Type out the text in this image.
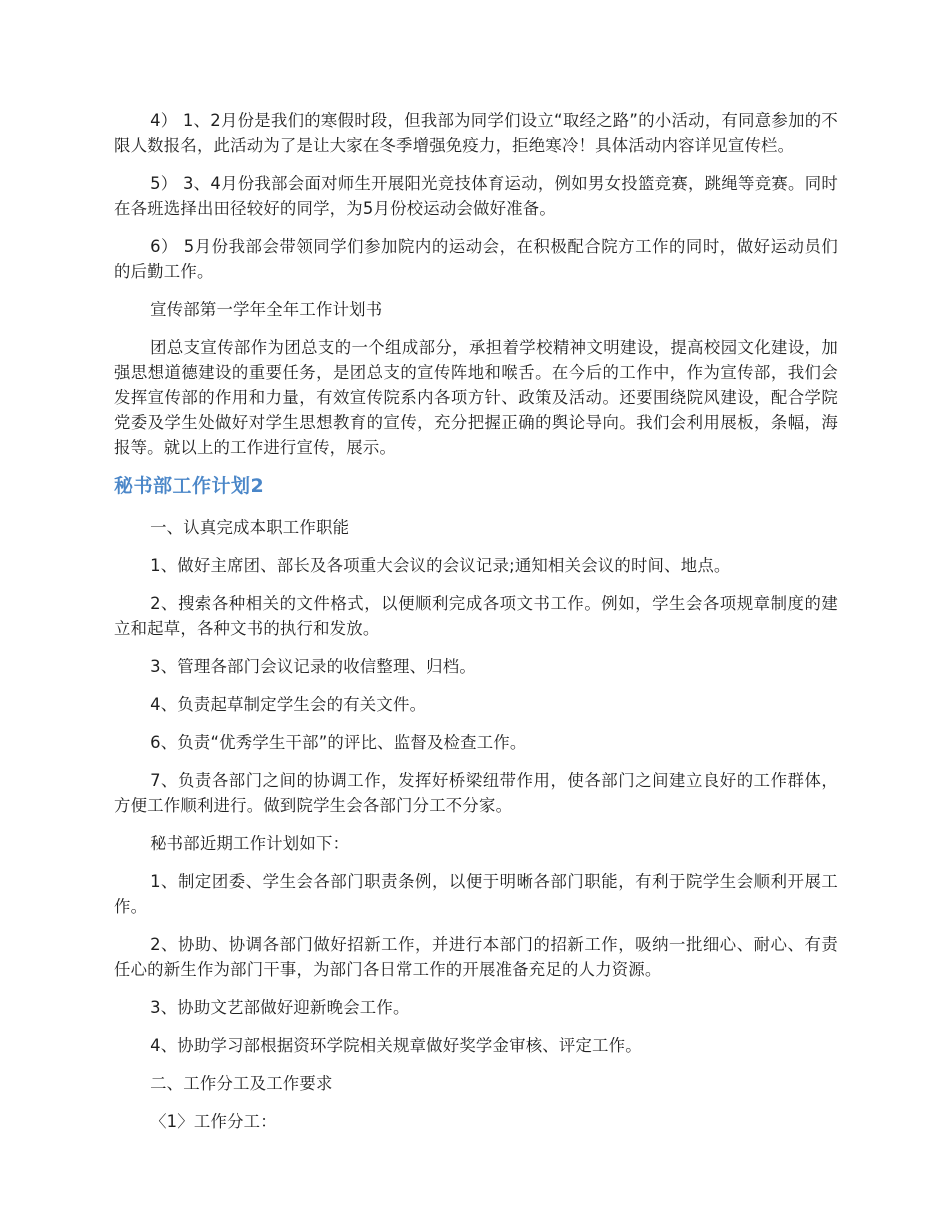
4） 1、2月份是我们的寒假时段，但我部为同学们设立“取经之路”的小活动，有同意参加的不限人数报名，此活动为了是让大家在冬季增强免疫力，拒绝寒冷！具体活动内容详见宣传栏。

5） 3、4月份我部会面对师生开展阳光竞技体育运动，例如男女投篮竞赛，跳绳等竞赛。同时在各班选择出田径较好的同学，为5月份校运动会做好准备。

6） 5月份我部会带领同学们参加院内的运动会，在积极配合院方工作的同时，做好运动员们的后勤工作。

宣传部第一学年全年工作计划书

团总支宣传部作为团总支的一个组成部分，承担着学校精神文明建设，提高校园文化建设，加强思想道德建设的重要任务，是团总支的宣传阵地和喉舌。在今后的工作中，作为宣传部，我们会发挥宣传部的作用和力量，有效宣传院系内各项方针、政策及活动。还要围绕院风建设，配合学院党委及学生处做好对学生思想教育的宣传，充分把握正确的舆论导向。我们会利用展板，条幅，海报等。就以上的工作进行宣传，展示。

秘书部工作计划2

一、认真完成本职工作职能

1、做好主席团、部长及各项重大会议的会议记录;通知相关会议的时间、地点。

2、搜索各种相关的文件格式，以便顺利完成各项文书工作。例如，学生会各项规章制度的建立和起草，各种文书的执行和发放。

3、管理各部门会议记录的收信整理、归档。

4、负责起草制定学生会的有关文件。

6、负责“优秀学生干部”的评比、监督及检查工作。

7、负责各部门之间的协调工作，发挥好桥梁纽带作用，使各部门之间建立良好的工作群体，方便工作顺利进行。做到院学生会各部门分工不分家。

秘书部近期工作计划如下：

1、制定团委、学生会各部门职责条例，以便于明晰各部门职能，有利于院学生会顺利开展工作。

2、协助、协调各部门做好招新工作，并进行本部门的招新工作，吸纳一批细心、耐心、有责任心的新生作为部门干事，为部门各日常工作的开展准备充足的人力资源。

3、协助文艺部做好迎新晚会工作。

4、协助学习部根据资环学院相关规章做好奖学金审核、评定工作。

二、工作分工及工作要求

〈1〉工作分工：
